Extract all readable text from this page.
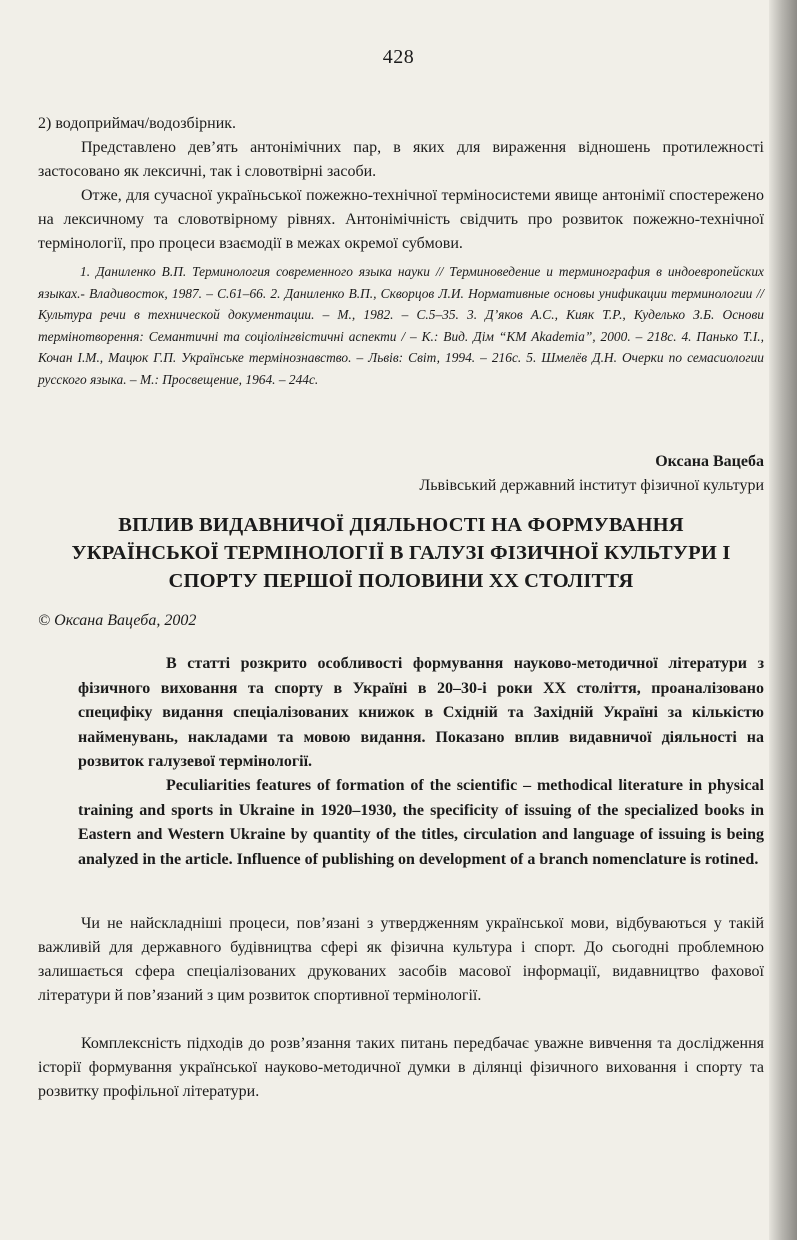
428

2) водоприймач/водозбірник.

Представлено дев’ять антонімічних пар, в яких для вираження відношень протилежності застосовано як лексичні, так і словотвірні засоби.

Отже, для сучасної україньської пожежно-технічної терміносистеми явище антонімії спостережено на лексичному та словотвірному рівнях. Антонімічність свідчить про розвиток пожежно-технічної термінології, про процеси взаємодії в межах окремої субмови.

1. Даниленко В.П. Терминология современного языка науки // Терминоведение и терминография в индоевропейских языках.- Владивосток, 1987. – С.61–66. 2. Даниленко В.П., Скворцов Л.И. Нормативные основы унификации терминологии // Культура речи в технической документации. – М., 1982. – С.5–35. 3. Д’яков А.С., Кияк Т.Р., Куделько З.Б. Основи термінотворення: Семантичні та соціолінгвістичні аспекти / – К.: Вид. Дім “КМ Akademia”, 2000. – 218с. 4. Панько Т.І., Кочан І.М., Мацюк Г.П. Українське термінознавство. – Львів: Світ, 1994. – 216с. 5. Шмелёв Д.Н. Очерки по семасиологии русского языка. – М.: Просвещение, 1964. – 244с.

Оксана Вацеба

Львівський державний інститут фізичної культури

ВПЛИВ ВИДАВНИЧОЇ ДІЯЛЬНОСТІ НА ФОРМУВАННЯ УКРАЇНСЬКОЇ ТЕРМІНОЛОГІЇ В ГАЛУЗІ ФІЗИЧНОЇ КУЛЬТУРИ І СПОРТУ ПЕРШОЇ ПОЛОВИНИ ХХ СТОЛІТТЯ

© Оксана Вацеба, 2002

В статті розкрито особливості формування науково-методичної літератури з фізичного виховання та спорту в Україні в 20–30-і роки ХХ століття, проаналізовано специфіку видання спеціалізованих книжок в Східній та Західній Україні за кількістю найменувань, накладами та мовою видання. Показано вплив видавничої діяльності на розвиток галузевої термінології.

Peculiarities features of formation of the scientific – methodical literature in physical training and sports in Ukraine in 1920–1930, the specificity of issuing of the specialized books in Eastern and Western Ukraine by quantity of the titles, circulation and language of issuing is being analyzed in the article. Influence of publishing on development of a branch nomenclature is rotined.

Чи не найскладніші процеси, пов’язані з утвердженням української мови, відбуваються у такій важливій для державного будівництва сфері як фізична культура і спорт. До сьогодні проблемною залишається сфера спеціалізованих друкованих засобів масової інформації, видавництво фахової літератури й пов’язаний з цим розвиток спортивної термінології.

Комплексність підходів до розв’язання таких питань передбачає уважне вивчення та дослідження історії формування української науково-методичної думки в ділянці фізичного виховання і спорту та розвитку профільної літератури.
